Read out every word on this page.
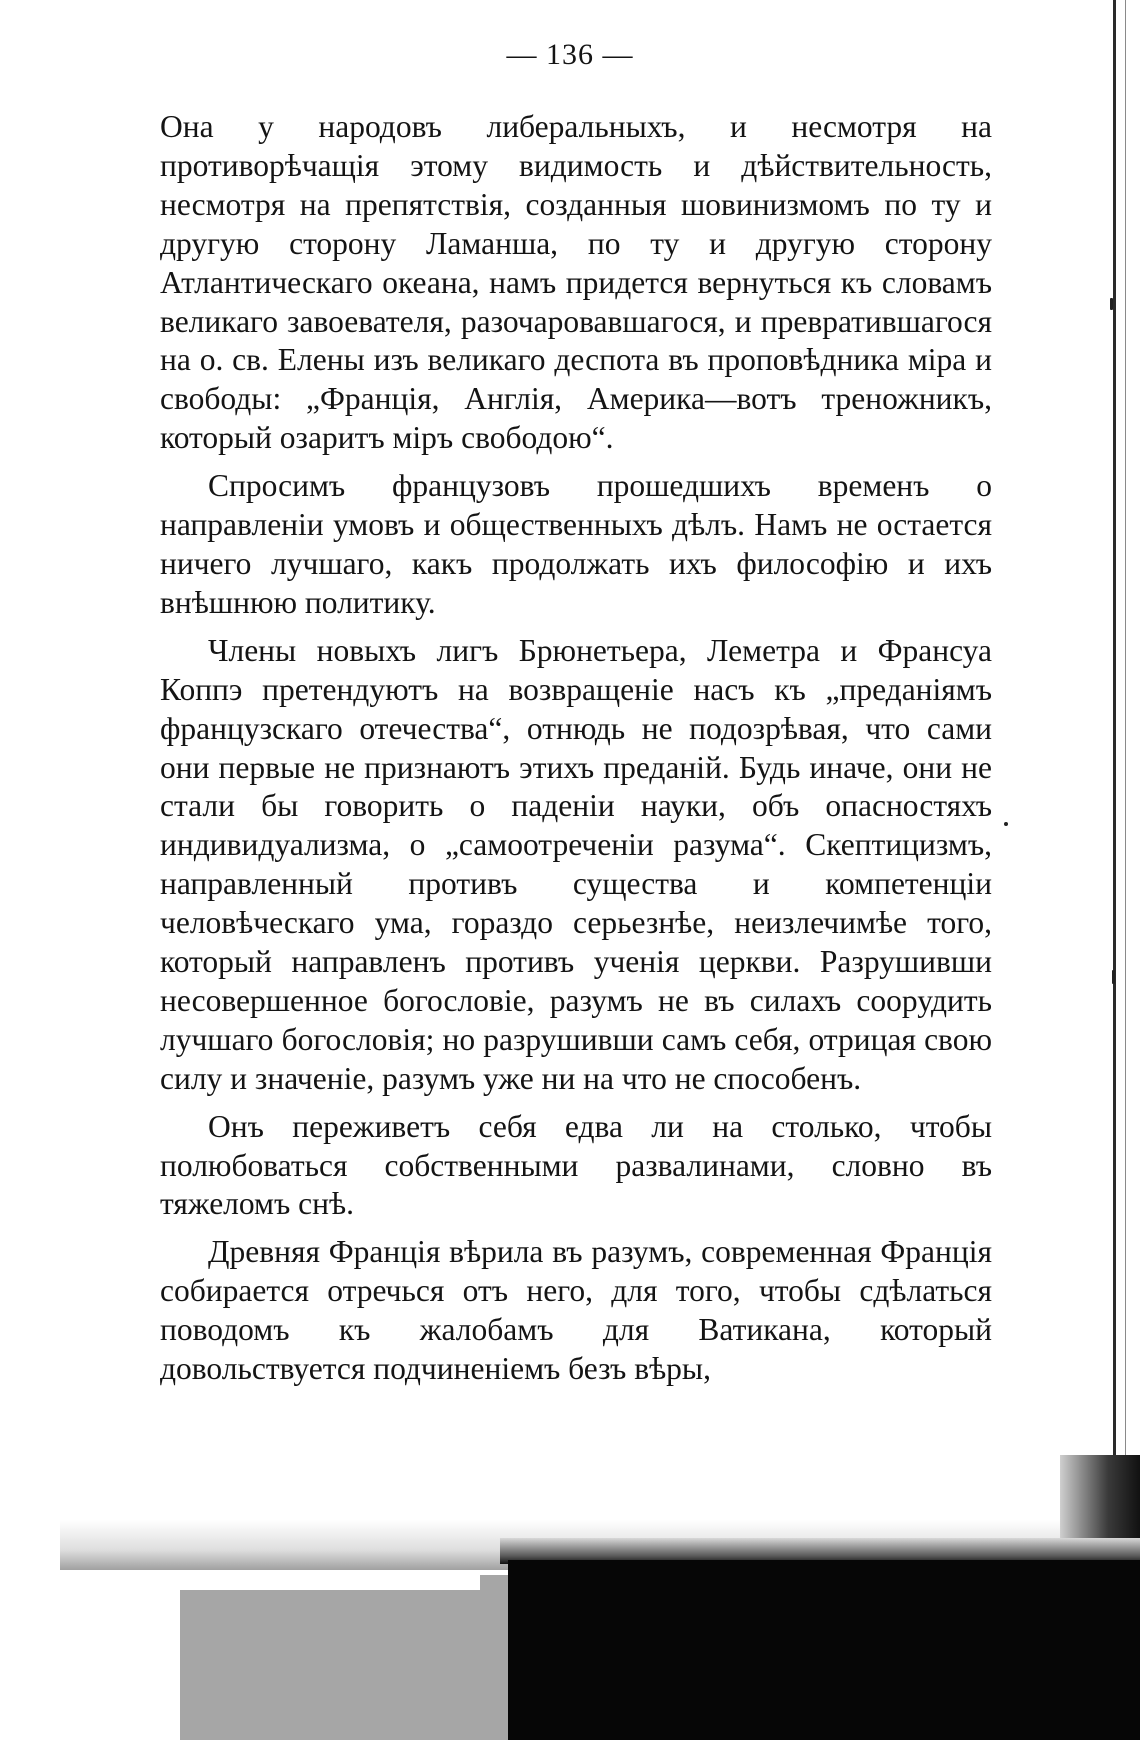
— 136 —

Она у народовъ либеральныхъ, и несмотря на противорѣчащія этому видимость и дѣйствительность, несмотря на препятствія, созданныя шовинизмомъ по ту и другую сторону Ламанша, по ту и другую сторону Атлантическаго океана, намъ придется вернуться къ словамъ великаго завоевателя, разочаровавшагося, и превратившагося на о. св. Елены изъ великаго деспота въ проповѣдника міра и свободы: „Францiя, Англія, Америка—вотъ треножникъ, который озаритъ міръ свободою“.

Спросимъ французовъ прошедшихъ временъ о направленіи умовъ и общественныхъ дѣлъ. Намъ не остается ничего лучшаго, какъ продолжать ихъ философію и ихъ внѣшнюю политику.

Члены новыхъ лигъ Брюнетьера, Леметра и Франсуа Коппэ претендуютъ на возвращеніе насъ къ „преданіямъ французскаго отечества“, отнюдь не подозрѣвая, что сами они первые не признаютъ этихъ преданій. Будь иначе, они не стали бы говорить о паденіи науки, объ опасностяхъ индивидуализма, о „самоотреченіи разума“. Скептицизмъ, направленный противъ существа и компетенціи человѣческаго ума, гораздо серьезнѣе, неизлечимѣе того, который направленъ противъ ученія церкви. Разрушивши несовершенное богословіе, разумъ не въ силахъ соорудить лучшаго богословія; но разрушивши самъ себя, отрицая свою силу и значеніе, разумъ уже ни на что не способенъ.

Онъ переживетъ себя едва ли на столько, чтобы полюбоваться собственными развалинами, словно въ тяжеломъ снѣ.

Древняя Францiя вѣрила въ разумъ, современная Францiя собирается отречься отъ него, для того, чтобы сдѣлаться поводомъ къ жалобамъ для Ватикана, который довольствуется подчиненіемъ безъ вѣры,
